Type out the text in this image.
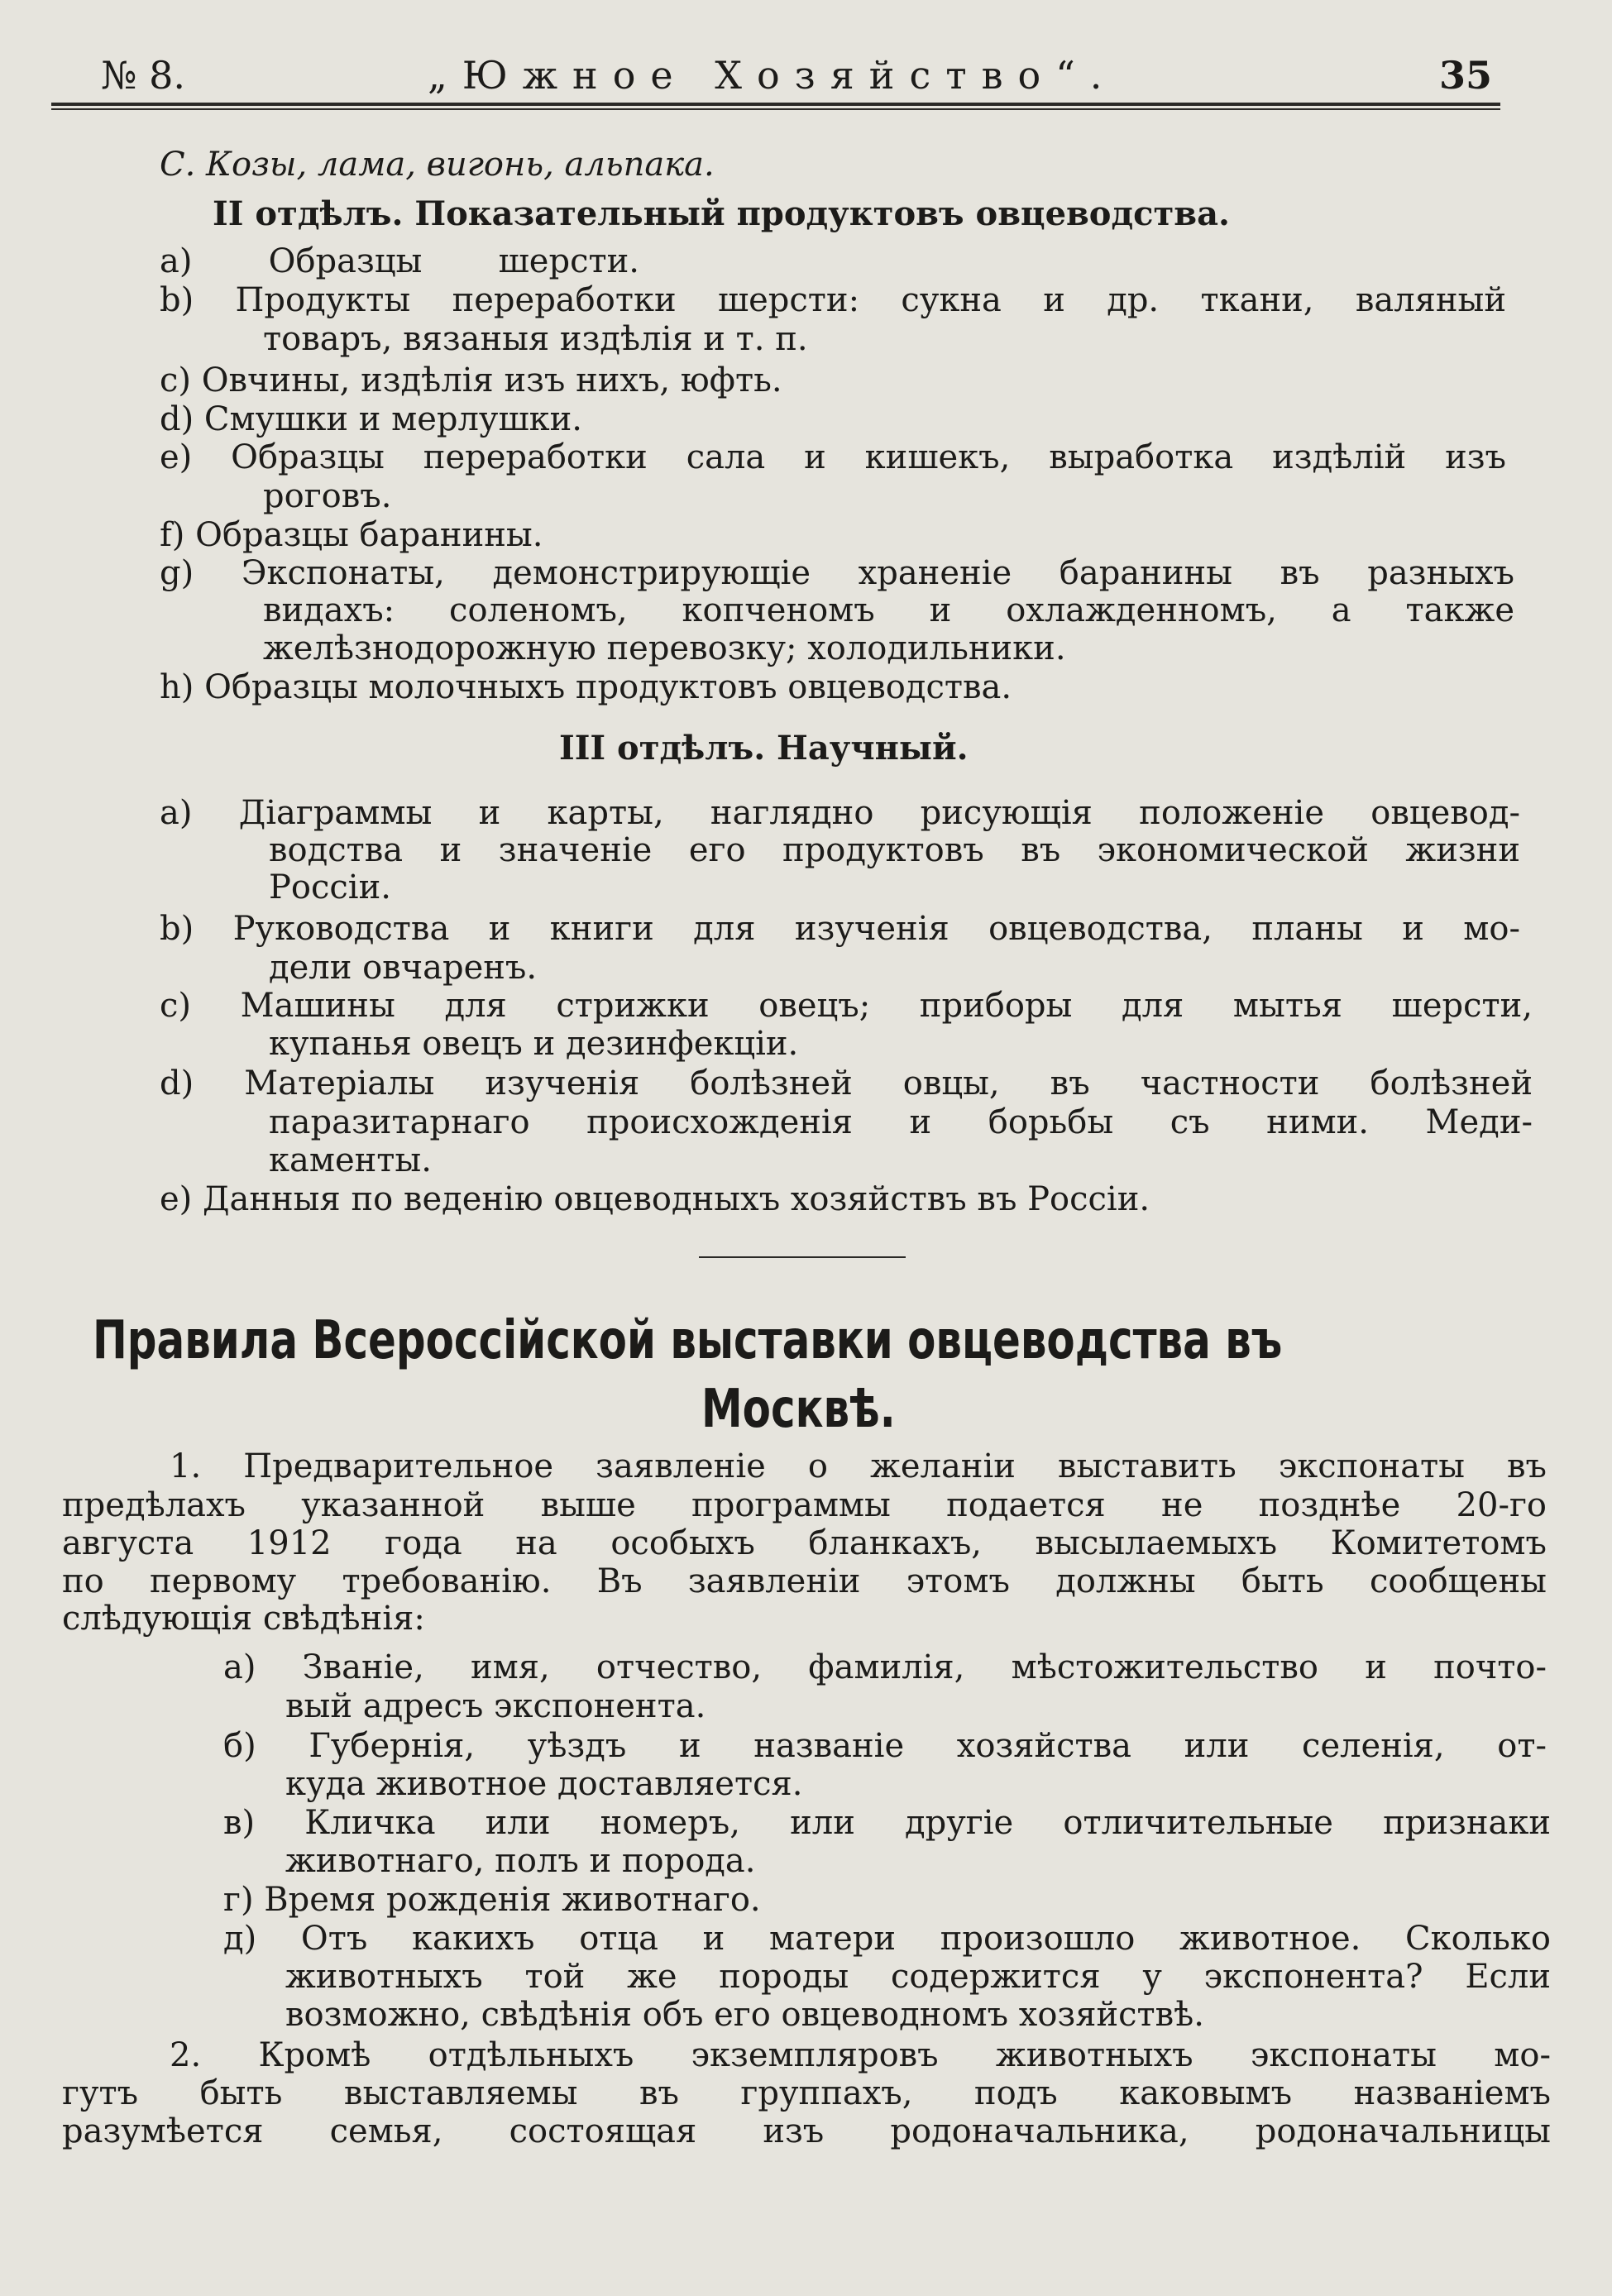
№ 8.	„Южное Хозяйство“.	35
С. Козы, лама, вигонь, альпака.
II отдѣлъ. Показательный продуктовъ овцеводства.
a) Образцы шерсти.
b) Продукты переработки шерсти: сукна и др. ткани, валяный
товаръ, вязаныя издѣлія и т. п.
c) Овчины, издѣлія изъ нихъ, юфть.
d) Смушки и мерлушки.
e) Образцы переработки сала и кишекъ, выработка издѣлій изъ
роговъ.
f) Образцы баранины.
g) Экспонаты, демонстрирующіе храненіе баранины въ разныхъ
видахъ: соленомъ, копченомъ и охлажденномъ, а также
желѣзнодорожную перевозку; холодильники.
h) Образцы молочныхъ продуктовъ овцеводства.
III отдѣлъ. Научный.
a) Діаграммы и карты, наглядно рисующія положеніе овцевод-
водства и значеніе его продуктовъ въ экономической жизни
Россіи.
b) Руководства и книги для изученія овцеводства, планы и мо-
дели овчаренъ.
c) Машины для стрижки овецъ; приборы для мытья шерсти,
купанья овецъ и дезинфекціи.
d) Матеріалы изученія болѣзней овцы, въ частности болѣзней
паразитарнаго происхожденія и борьбы съ ними. Меди-
каменты.
e) Данныя по веденію овцеводныхъ хозяйствъ въ Россіи.
Правила Всероссійской выставки овцеводства въ
Москвѣ.
1. Предварительное заявленіе о желаніи выставить экспонаты въ
предѣлахъ указанной выше программы подается не позднѣе 20-го
августа 1912 года на особыхъ бланкахъ, высылаемыхъ Комитетомъ
по первому требованію. Въ заявленіи этомъ должны быть сообщены
слѣдующія свѣдѣнія:
а) Званіе, имя, отчество, фамилія, мѣстожительство и почто-
вый адресъ экспонента.
б) Губернія, уѣздъ и названіе хозяйства или селенія, от-
куда животное доставляется.
в) Кличка или номеръ, или другіе отличительные признаки
животнаго, полъ и порода.
г) Время рожденія животнаго.
д) Отъ какихъ отца и матери произошло животное. Сколько
животныхъ той же породы содержится у экспонента? Если
возможно, свѣдѣнія объ его овцеводномъ хозяйствѣ.
2. Кромѣ отдѣльныхъ экземпляровъ животныхъ экспонаты мо-
гутъ быть выставляемы въ группахъ, подъ каковымъ названіемъ
разумѣется семья, состоящая изъ родоначальника, родоначальницы
